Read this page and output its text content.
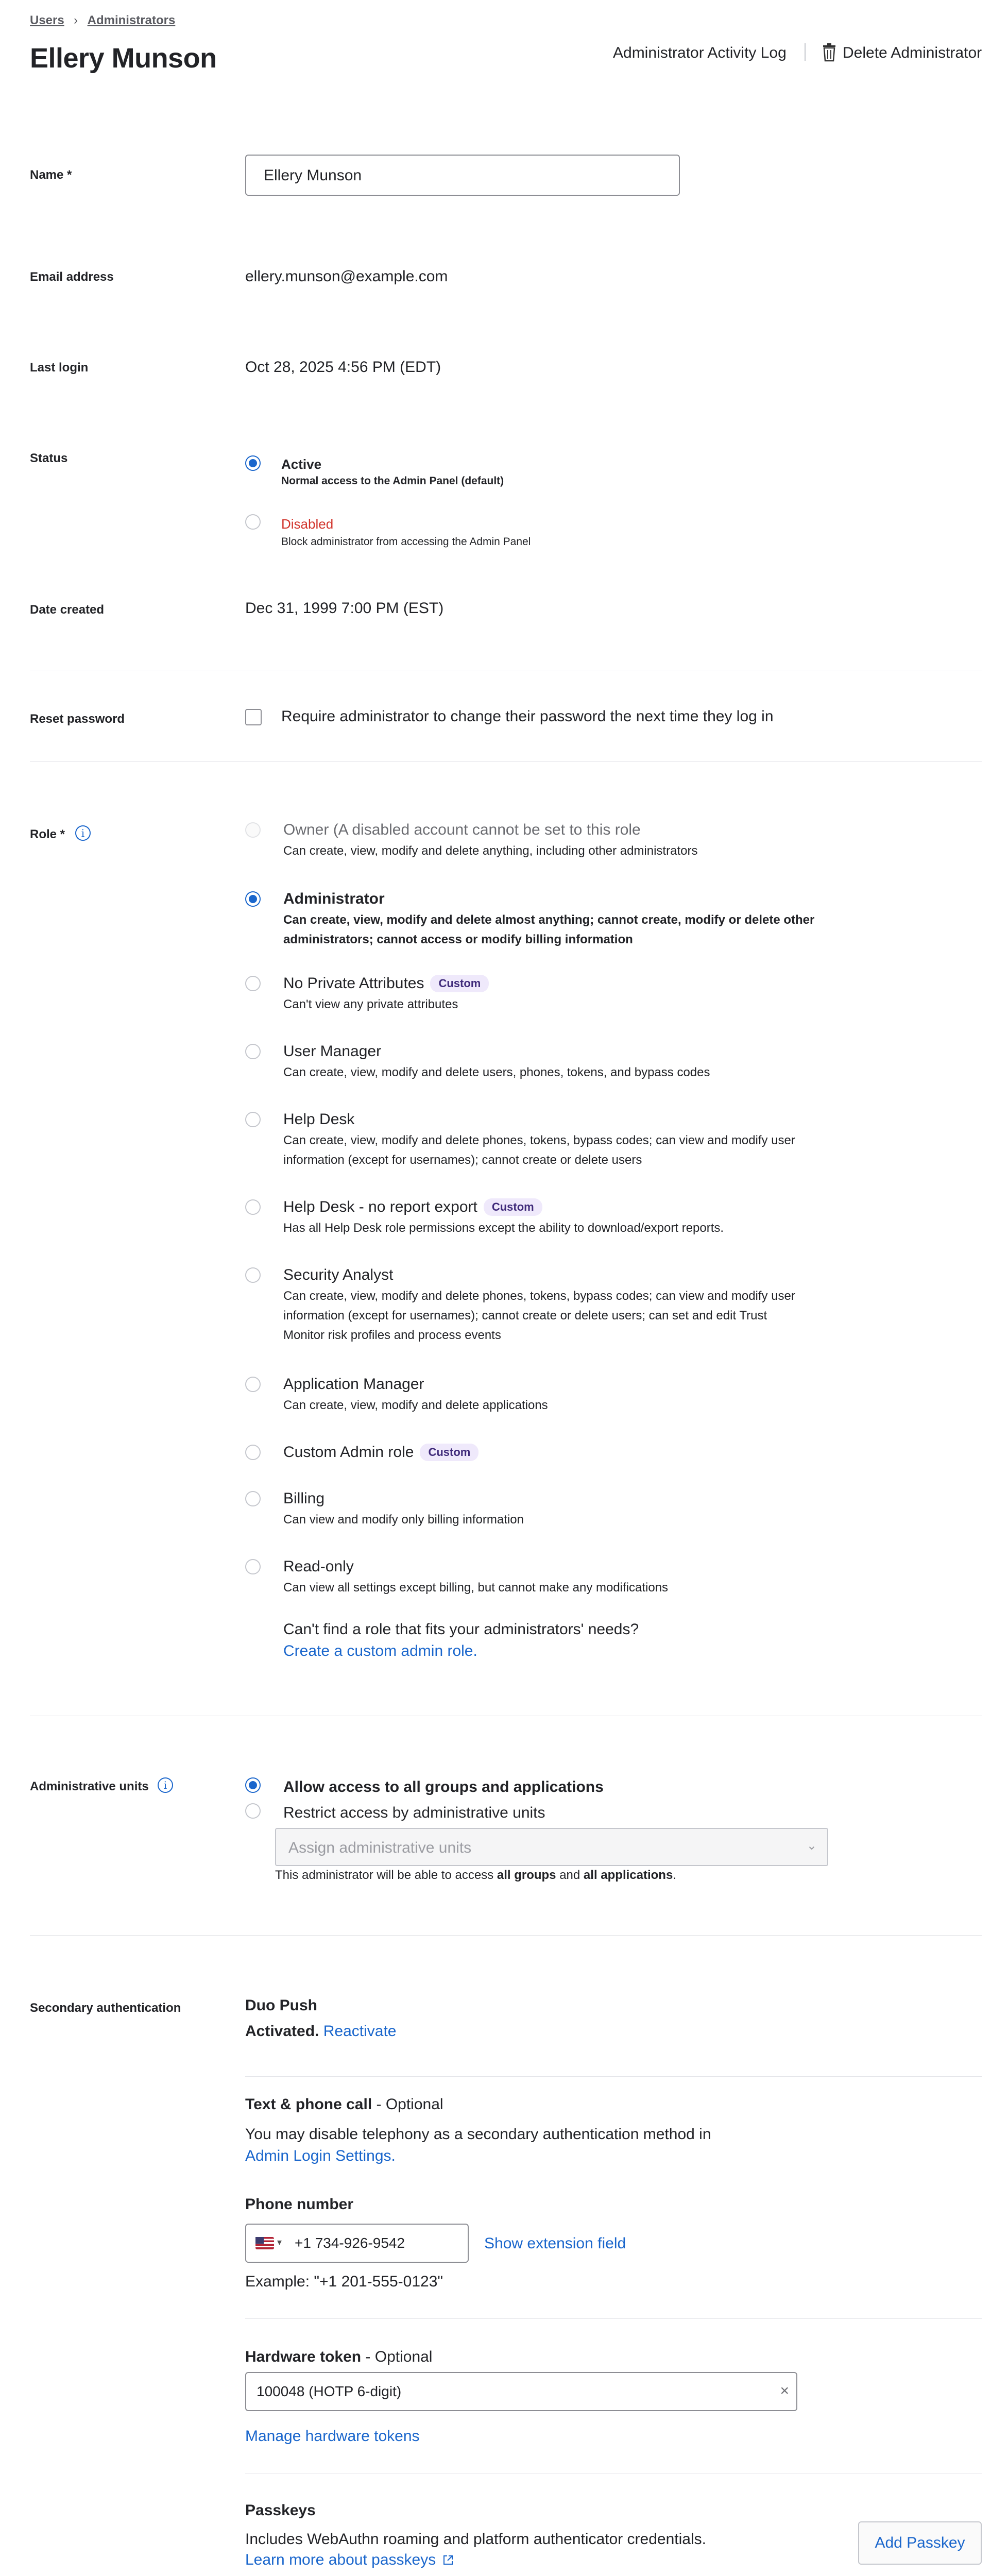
Users › Administrators
Ellery Munson	Administrator Activity Log	Delete Administrator
Name *	Ellery Munson
Email address	ellery.munson@example.com
Last login	Oct 28, 2025 4:56 PM (EDT)
Status	Active
Normal access to the Admin Panel (default)
Disabled
Block administrator from accessing the Admin Panel
Date created	Dec 31, 1999 7:00 PM (EST)
Reset password	Require administrator to change their password the next time they log in
Role *	i	Owner (A disabled account cannot be set to this role
Can create, view, modify and delete anything, including other administrators
Administrator
Can create, view, modify and delete almost anything; cannot create, modify or delete other
administrators; cannot access or modify billing information
No Private Attributes Custom
Can't view any private attributes
User Manager
Can create, view, modify and delete users, phones, tokens, and bypass codes
Help Desk
Can create, view, modify and delete phones, tokens, bypass codes; can view and modify user
information (except for usernames); cannot create or delete users
Help Desk - no report export Custom
Has all Help Desk role permissions except the ability to download/export reports.
Security Analyst
Can create, view, modify and delete phones, tokens, bypass codes; can view and modify user
information (except for usernames); cannot create or delete users; can set and edit Trust
Monitor risk profiles and process events
Application Manager
Can create, view, modify and delete applications
Custom Admin role Custom
Billing
Can view and modify only billing information
Read-only
Can view all settings except billing, but cannot make any modifications
Can't find a role that fits your administrators' needs?
Create a custom admin role.
Administrative units	i	Allow access to all groups and applications
Restrict access by administrative units
Assign administrative units	⌄
This administrator will be able to access all groups and all applications.
Secondary authentication	Duo Push
Activated. Reactivate
Text & phone call - Optional
You may disable telephony as a secondary authentication method in
Admin Login Settings.
Phone number
▾ +1 734-926-9542	Show extension field
Example: "+1 201-555-0123"
Hardware token - Optional
100048 (HOTP 6-digit)	×
Manage hardware tokens
Passkeys
Includes WebAuthn roaming and platform authenticator credentials.
Learn more about passkeys
Add Passkey
